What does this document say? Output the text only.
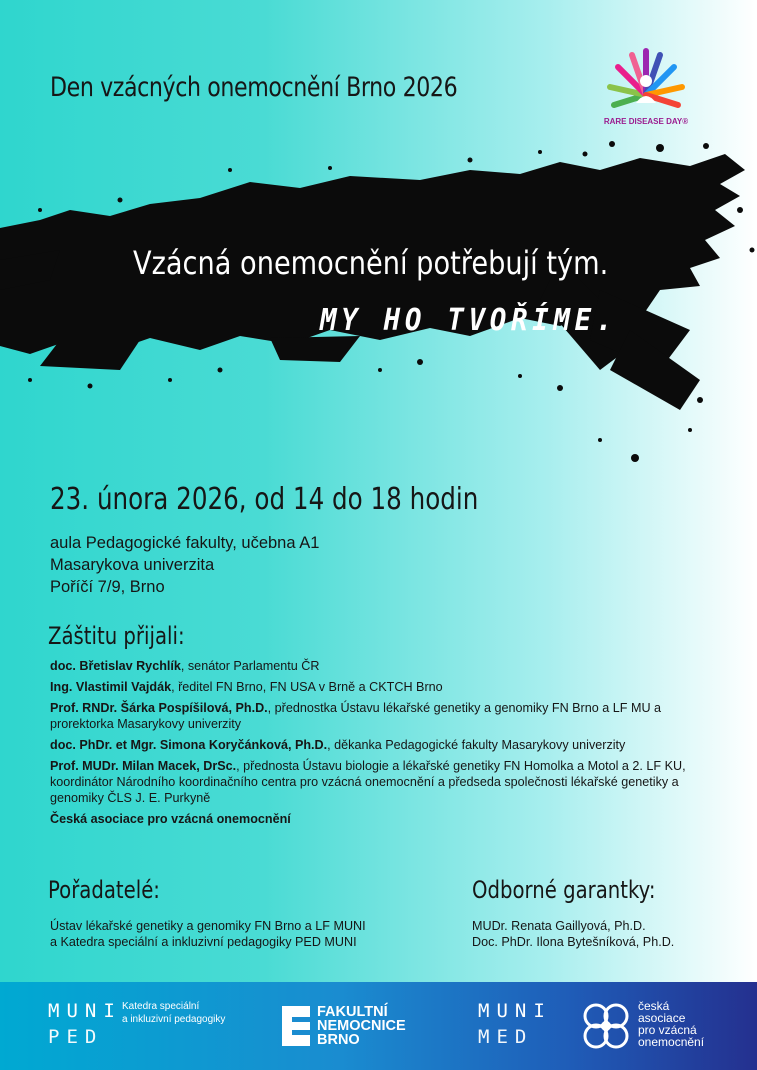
Den vzácných onemocnění Brno 2026
RARE DISEASE DAY®
Vzácná onemocnění potřebují tým.
MY HO TVOŘÍME.
23. února 2026, od 14 do 18 hodin
aula Pedagogické fakulty, učebna A1
Masarykova univerzita
Poříčí 7/9, Brno
Záštitu přijali:
doc. Břetislav Rychlík, senátor Parlamentu ČR
Ing. Vlastimil Vajdák, ředitel FN Brno, FN USA v Brně a CKTCH Brno
Prof. RNDr. Šárka Pospíšilová, Ph.D., přednostka Ústavu lékařské genetiky a genomiky FN Brno a LF MU a prorektorka Masarykovy univerzity
doc. PhDr. et Mgr. Simona Koryčánková, Ph.D., děkanka Pedagogické fakulty Masarykovy univerzity
Prof. MUDr. Milan Macek, DrSc., přednosta Ústavu biologie a lékařské genetiky FN Homolka a Motol a 2. LF KU, koordinátor Národního koordinačního centra pro vzácná onemocnění a předseda společnosti lékařské genetiky a genomiky ČLS J. E. Purkyně
Česká asociace pro vzácná onemocnění
Pořadatelé:
Ústav lékařské genetiky a genomiky FN Brno a LF MUNI
a Katedra speciální a inkluzivní pedagogiky PED MUNI
Odborné garantky:
MUDr. Renata Gaillyová, Ph.D.
Doc. PhDr. Ilona Bytešníková, Ph.D.
MUNI
PED
Katedra speciální
a inkluzivní pedagogiky	FAKULTNÍ
NEMOCNICE
BRNO
MUNI
MED
česká
asociace
pro vzácná
onemocnění
